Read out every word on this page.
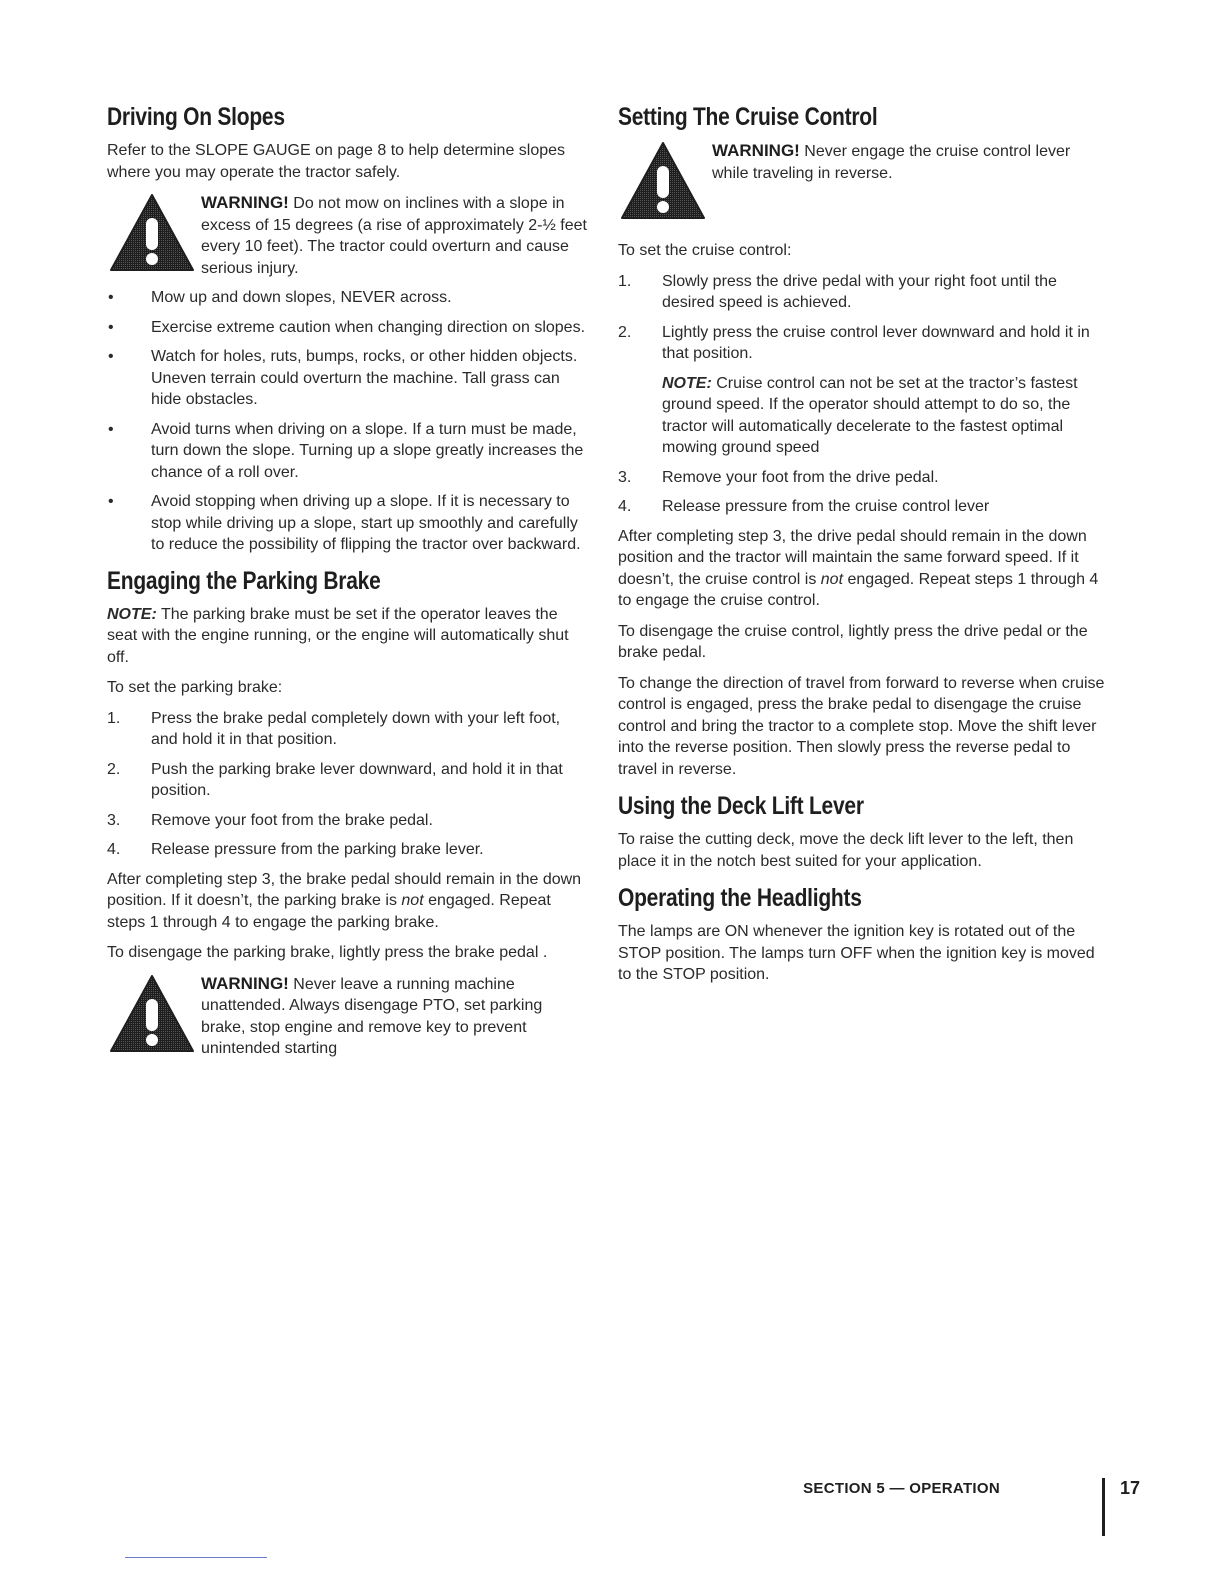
Driving On Slopes

Refer to the SLOPE GAUGE on page 8 to help determine slopes where you may operate the tractor safely.

WARNING! Do not mow on inclines with a slope in excess of 15 degrees (a rise of approximately 2-½ feet every 10 feet). The tractor could overturn and cause serious injury.
•	Mow up and down slopes, NEVER across.
•	Exercise extreme caution when changing direction on slopes.
•	Watch for holes, ruts, bumps, rocks, or other hidden objects. Uneven terrain could overturn the machine. Tall grass can hide obstacles.
•	Avoid turns when driving on a slope. If a turn must be made, turn down the slope. Turning up a slope greatly increases the chance of a roll over.
•	Avoid stopping when driving up a slope. If it is necessary to stop while driving up a slope, start up smoothly and carefully to reduce the possibility of flipping the tractor over backward.
Engaging the Parking Brake

NOTE: The parking brake must be set if the operator leaves the seat with the engine running, or the engine will automatically shut off.

To set the parking brake:

1.	Press the brake pedal completely down with your left foot, and hold it in that position.
2.	Push the parking brake lever downward, and hold it in that position.
3.	Remove your foot from the brake pedal.
4.	Release pressure from the parking brake lever.

After completing step 3, the brake pedal should remain in the down position. If it doesn’t, the parking brake is not engaged. Repeat steps 1 through 4 to engage the parking brake.

To disengage the parking brake, lightly press the brake pedal .

WARNING! Never leave a running machine unattended. Always disengage PTO, set parking brake, stop engine and remove key to prevent unintended starting
Setting The Cruise Control
WARNING! Never engage the cruise control lever while traveling in reverse.

To set the cruise control:

1.	Slowly press the drive pedal with your right foot until the desired speed is achieved.
2.	Lightly press the cruise control lever downward and hold it in that position.
NOTE: Cruise control can not be set at the tractor’s fastest ground speed. If the operator should attempt to do so, the tractor will automatically decelerate to the fastest optimal mowing ground speed
3.	Remove your foot from the drive pedal.
4.	Release pressure from the cruise control lever

After completing step 3, the drive pedal should remain in the down position and the tractor will maintain the same forward speed. If it doesn’t, the cruise control is not engaged. Repeat steps 1 through 4 to engage the cruise control.

To disengage the cruise control, lightly press the drive pedal or the brake pedal.

To change the direction of travel from forward to reverse when cruise control is engaged, press the brake pedal to disengage the cruise control and bring the tractor to a complete stop. Move the shift lever into the reverse position. Then slowly press the reverse pedal to travel in reverse.

Using the Deck Lift Lever

To raise the cutting deck, move the deck lift lever to the left, then place it in the notch best suited for your application.

Operating the Headlights

The lamps are ON whenever the ignition key is rotated out of the STOP position. The lamps turn OFF when the ignition key is moved to the STOP position.

SECTION 5 — OPERATION	17
